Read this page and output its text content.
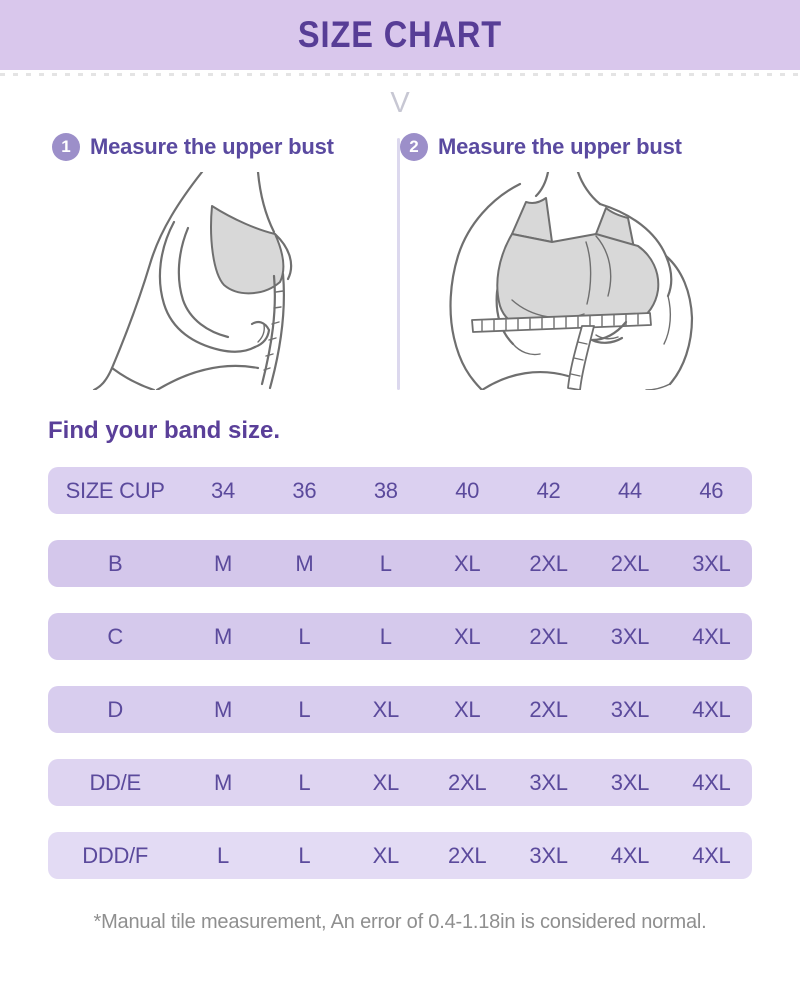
SIZE CHART
V
1 Measure the upper bust	2 Measure the upper bust
Find your band size.
SIZE CUP	34	36	38	40	42	44	46
B	M	M	L	XL	2XL	2XL	3XL
C	M	L	L	XL	2XL	3XL	4XL
D	M	L	XL	XL	2XL	3XL	4XL
DD/E	M	L	XL	2XL	3XL	3XL	4XL
DDD/F	L	L	XL	2XL	3XL	4XL	4XL

*Manual tile measurement, An error of 0.4-1.18in is considered normal.
